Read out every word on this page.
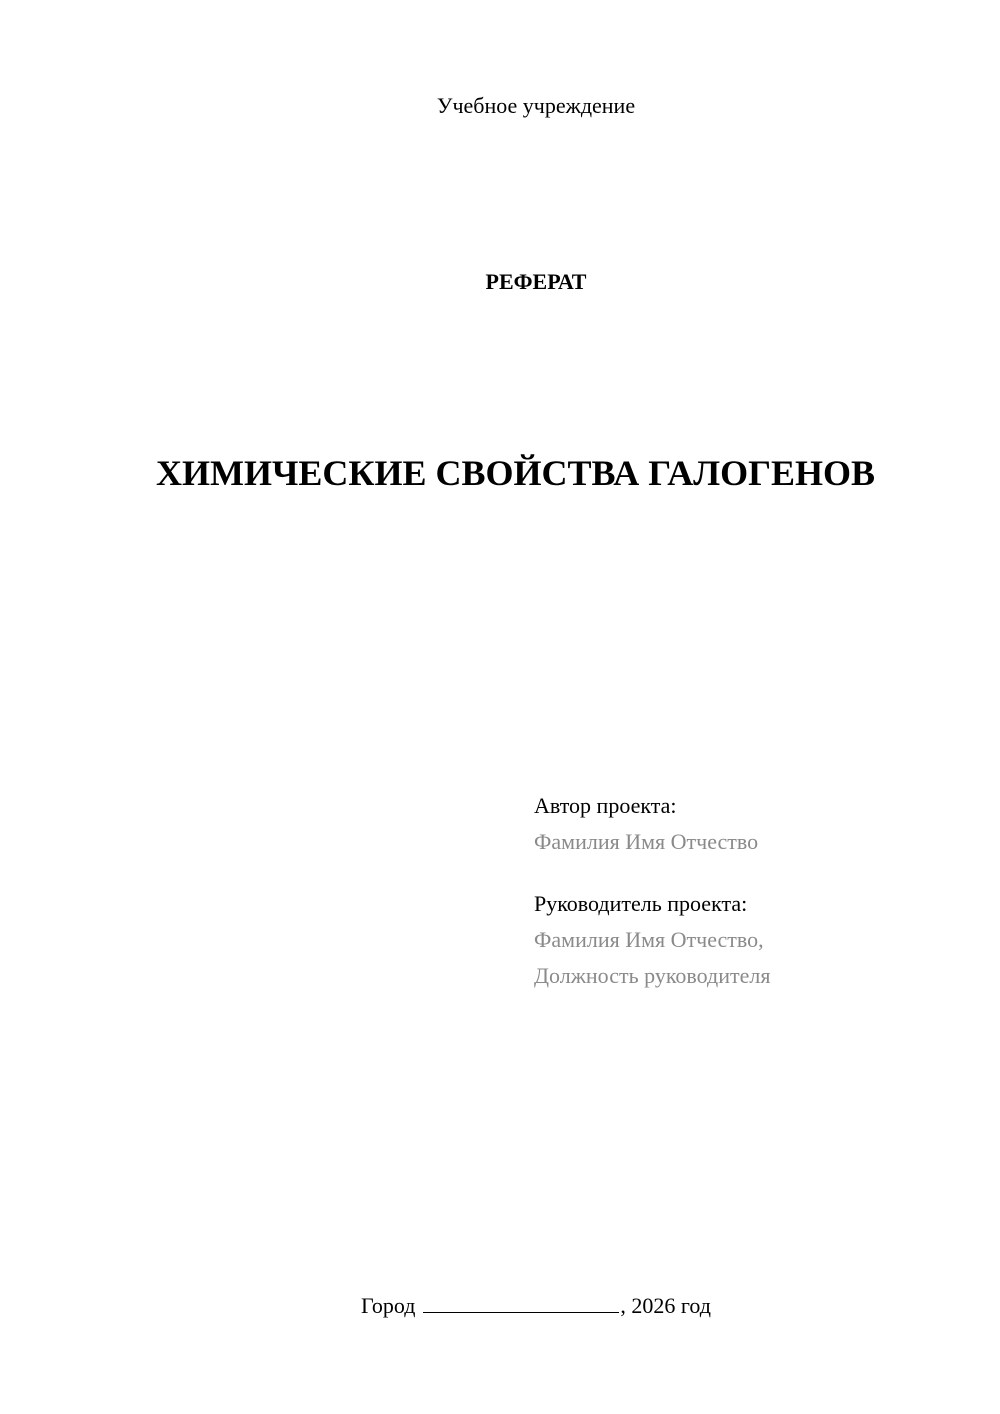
Учебное учреждение
РЕФЕРАТ
ХИМИЧЕСКИЕ СВОЙСТВА ГАЛОГЕНОВ
Автор проекта:
Фамилия Имя Отчество
Руководитель проекта:
Фамилия Имя Отчество,
Должность руководителя
Город	, 2026 год
